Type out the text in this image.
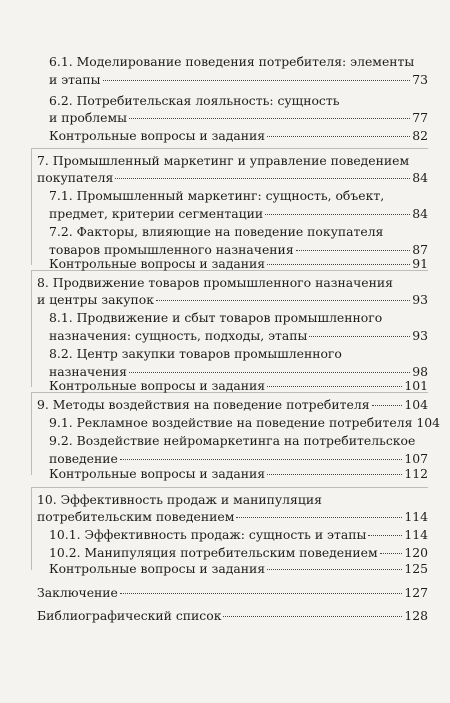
6.1. Моделирование поведения потребителя: элементы
и этапы	73
6.2. Потребительская лояльность: сущность
и проблемы	77
Контрольные вопросы и задания	82
7. Промышленный маркетинг и управление поведением
покупателя	84
7.1. Промышленный маркетинг: сущность, объект,
предмет, критерии сегментации	84
7.2. Факторы, влияющие на поведение покупателя
товаров промышленного назначения	87
Контрольные вопросы и задания	91
8. Продвижение товаров промышленного назначения
и центры закупок	93
8.1. Продвижение и сбыт товаров промышленного
назначения: сущность, подходы, этапы	93
8.2. Центр закупки товаров промышленного
назначения	98
Контрольные вопросы и задания	101
9. Методы воздействия на поведение потребителя	104
9.1. Рекламное воздействие на поведение потребителя 104
9.2. Воздействие нейромаркетинга на потребительское
поведение	107
Контрольные вопросы и задания	112
10. Эффективность продаж и манипуляция
потребительским поведением	114
10.1. Эффективность продаж: сущность и этапы	114
10.2. Манипуляция потребительским поведением 120
Контрольные вопросы и задания	125
Заключение	127
Библиографический список	128
